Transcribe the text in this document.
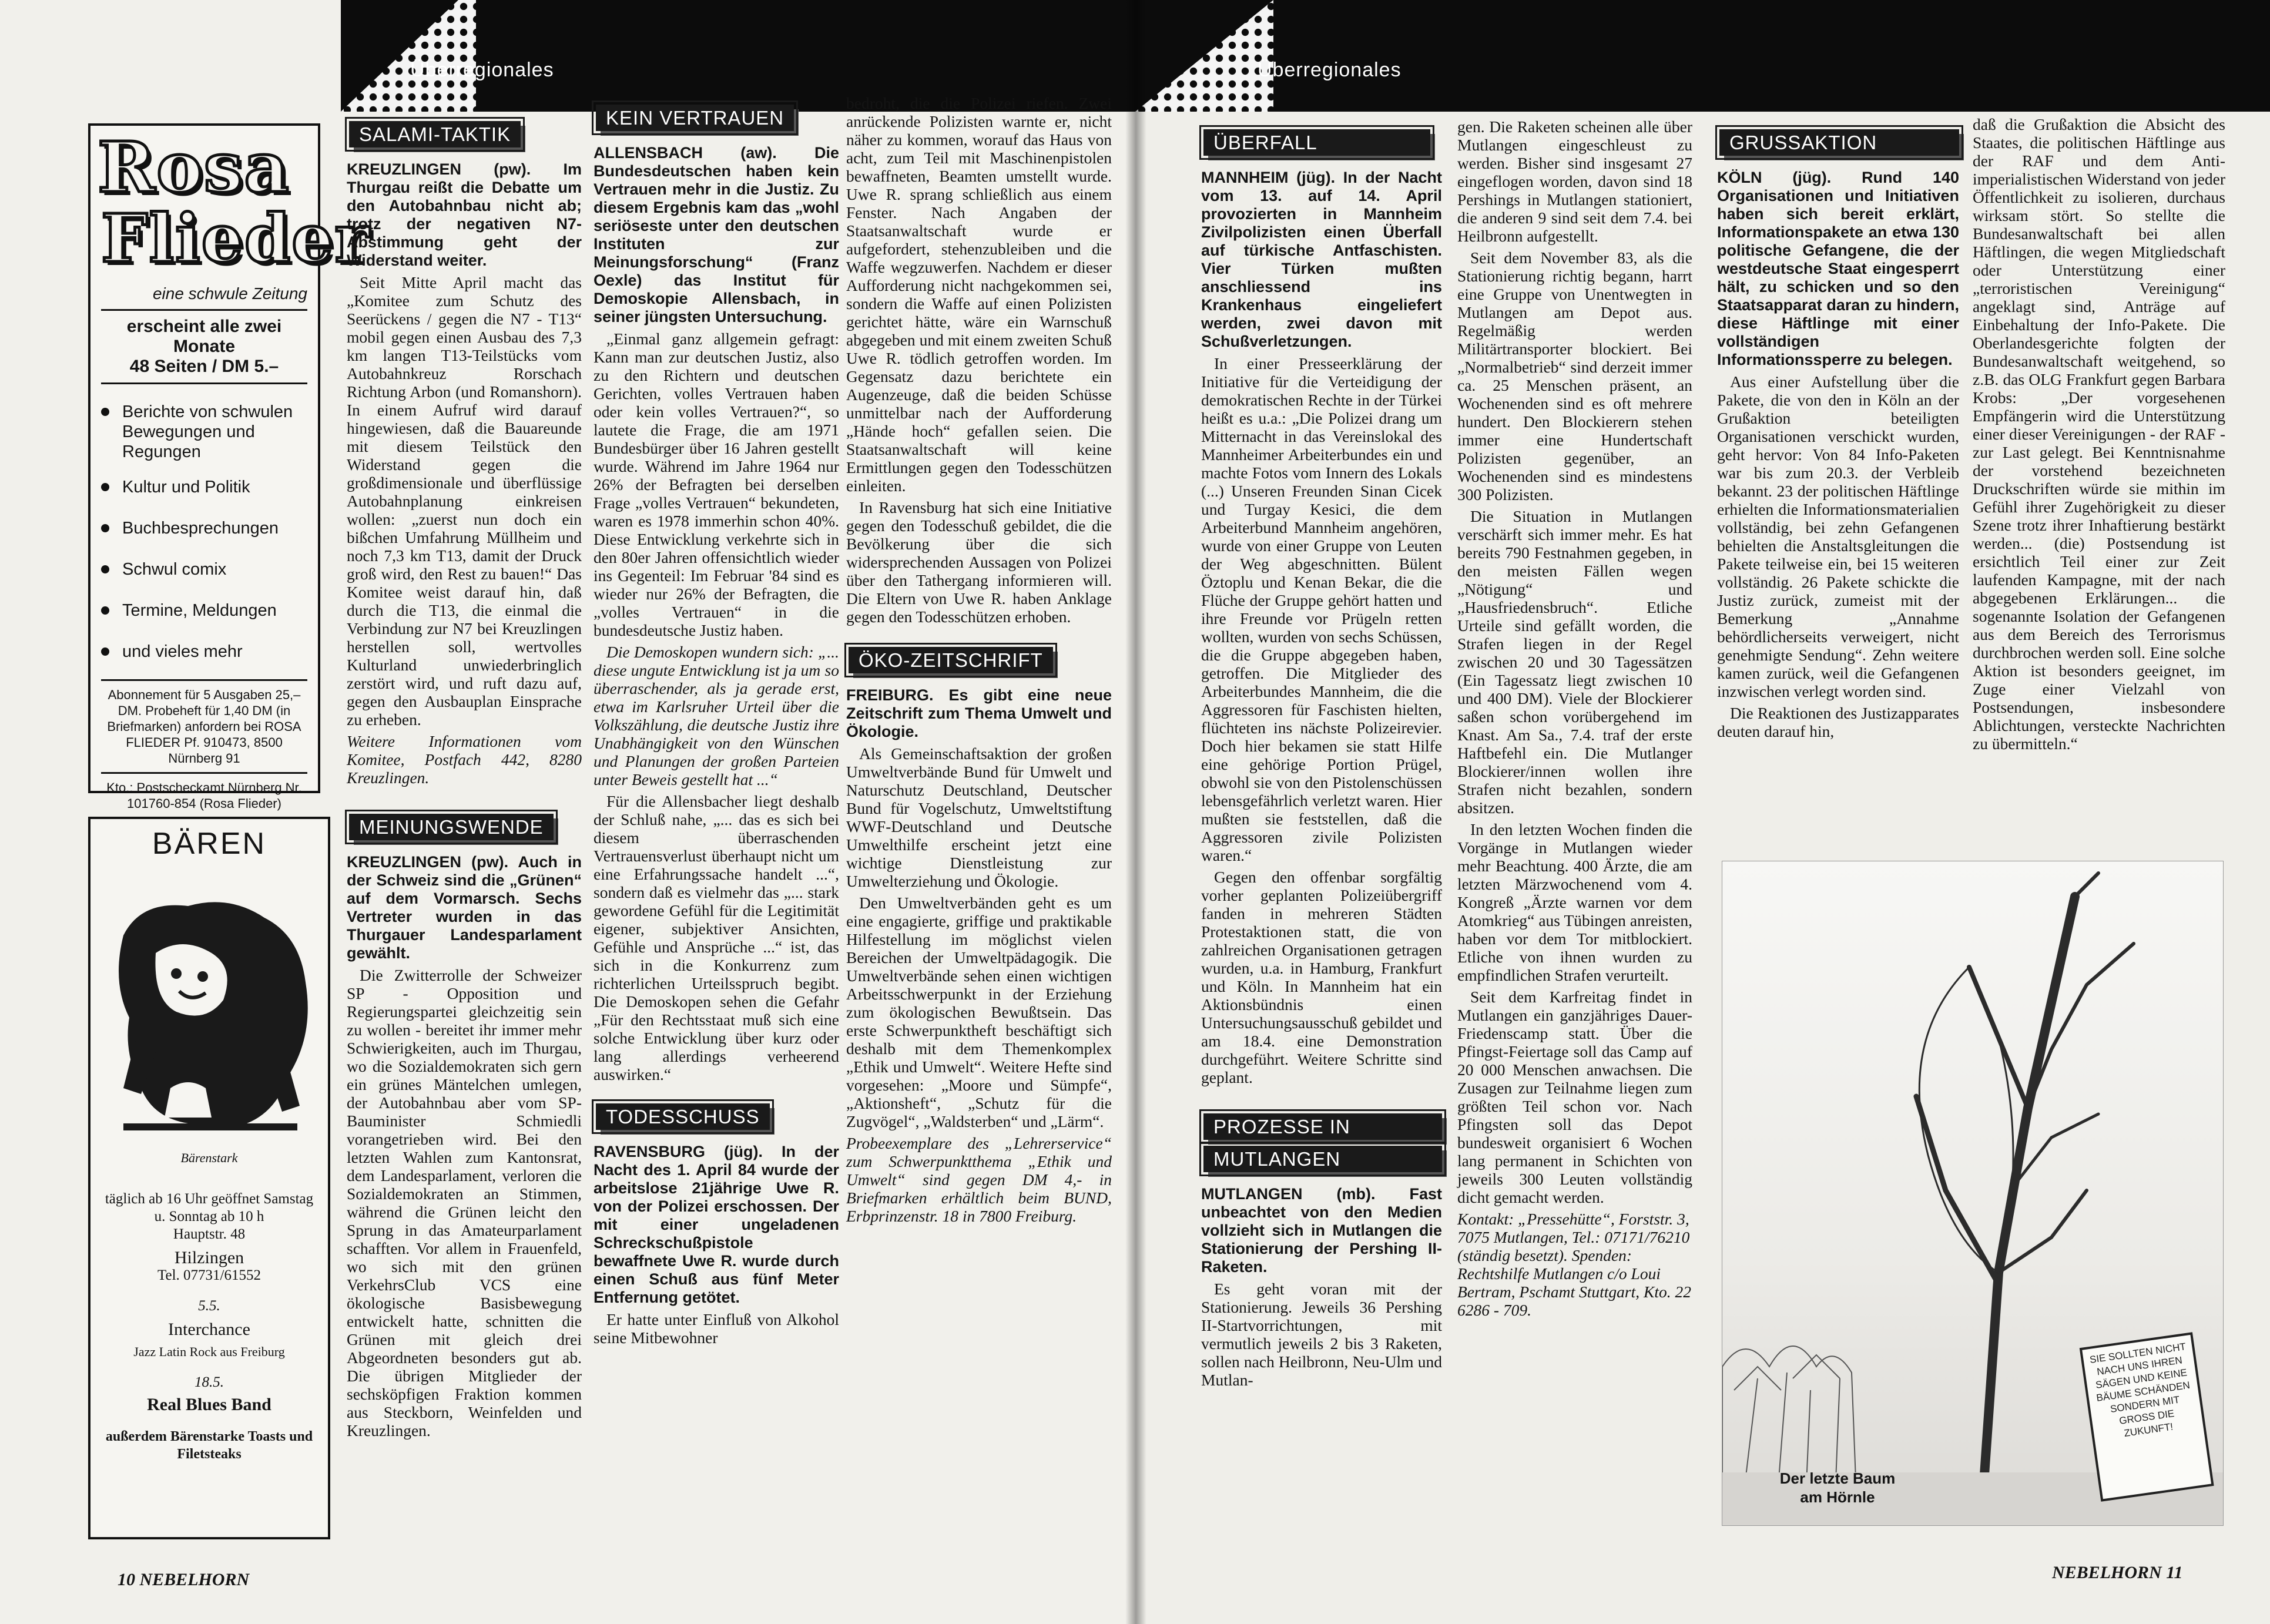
Überregionales
Rosa
Flieder
eine schwule Zeitung
erscheint alle zwei Monate
48 Seiten / DM 5.–
Berichte von schwulen Bewegungen und Regungen
Kultur und Politik
Buchbesprechungen
Schwul comix
Termine, Meldungen
und vieles mehr
Abonnement für 5 Ausgaben 25,– DM. Probeheft für 1,40 DM (in Briefmarken) anfordern bei ROSA FLIEDER Pf. 910473, 8500 Nürnberg 91
Kto.: Postscheckamt Nürnberg Nr. 101760-854 (Rosa Flieder)
BÄREN
Bärenstark
täglich ab 16 Uhr geöffnet Samstag u. Sonntag ab 10 h
Hauptstr. 48
Hilzingen
Tel. 07731/61552
5.5.
Interchance
Jazz Latin Rock aus Freiburg
18.5.
Real Blues Band
außerdem Bärenstarke Toasts und Filetsteaks
SALAMI-TAKTIK

KREUZLINGEN (pw). Im Thurgau reißt die Debatte um den Autobahnbau nicht ab; trotz der negativen N7-Abstimmung geht der Widerstand weiter.

Seit Mitte April macht das „Komitee zum Schutz des Seerückens / gegen die N7 - T13“ mobil gegen einen Ausbau des 7,3 km langen T13-Teilstücks vom Autobahnkreuz Rorschach Richtung Arbon (und Romanshorn). In einem Aufruf wird darauf hingewiesen, daß die Bauareunde mit diesem Teilstück den Widerstand gegen die großdimensionale und überflüssige Autobahnplanung einkreisen wollen: „zuerst nun doch ein bißchen Umfahrung Müllheim und noch 7,3 km T13, damit der Druck groß wird, den Rest zu bauen!“ Das Komitee weist darauf hin, daß durch die T13, die einmal die Verbindung zur N7 bei Kreuzlingen herstellen soll, wertvolles Kulturland unwiederbringlich zerstört wird, und ruft dazu auf, gegen den Ausbauplan Einsprache zu erheben.

Weitere Informationen vom Komitee, Postfach 442, 8280 Kreuzlingen.

MEINUNGSWENDE

KREUZLINGEN (pw). Auch in der Schweiz sind die „Grünen“ auf dem Vormarsch. Sechs Vertreter wurden in das Thurgauer Landesparlament gewählt.

Die Zwitterrolle der Schweizer SP - Opposition und Regierungspartei gleichzeitig sein zu wollen - bereitet ihr immer mehr Schwierigkeiten, auch im Thurgau, wo die Sozialdemokraten sich gern ein grünes Mäntelchen umlegen, der Autobahnbau aber vom SP-Bauminister Schmiedli vorangetrieben wird. Bei den letzten Wahlen zum Kantonsrat, dem Landesparlament, verloren die Sozialdemokraten an Stimmen, während die Grünen leicht den Sprung in das Amateurparlament schafften. Vor allem in Frauenfeld, wo sich mit den grünen VerkehrsClub VCS eine ökologische Basisbewegung entwickelt hatte, schnitten die Grünen mit gleich drei Abgeordneten besonders gut ab. Die übrigen Mitglieder der sechsköpfigen Fraktion kommen aus Steckborn, Weinfelden und Kreuzlingen.

KEIN VERTRAUEN

ALLENSBACH (aw). Die Bundesdeutschen haben kein Vertrauen mehr in die Justiz. Zu diesem Ergebnis kam das „wohl seriöseste unter den deutschen Instituten zur Meinungsforschung“ (Franz Oexle) das Institut für Demoskopie Allensbach, in seiner jüngsten Untersuchung.

„Einmal ganz allgemein gefragt: Kann man zur deutschen Justiz, also zu den Richtern und deutschen Gerichten, volles Vertrauen haben oder kein volles Vertrauen?“, so lautete die Frage, die am 1971 Bundesbürger über 16 Jahren gestellt wurde. Während im Jahre 1964 nur 26% der Befragten bei derselben Frage „volles Vertrauen“ bekundeten, waren es 1978 immerhin schon 40%. Diese Entwicklung verkehrte sich in den 80er Jahren offensichtlich wieder ins Gegenteil: Im Februar '84 sind es wieder nur 26% der Befragten, die „volles Vertrauen“ in die bundesdeutsche Justiz haben.

Die Demoskopen wundern sich: „... diese ungute Entwicklung ist ja um so überraschender, als ja gerade erst, etwa im Karlsruher Urteil über die Volkszählung, die deutsche Justiz ihre Unabhängigkeit von den Wünschen und Planungen der großen Parteien unter Beweis gestellt hat ...“

Für die Allensbacher liegt deshalb der Schluß nahe, „... das es sich bei diesem überraschenden Vertrauensverlust überhaupt nicht um eine Erfahrungssache handelt ...“, sondern daß es vielmehr das „... stark gewordene Gefühl für die Legitimität eigener, subjektiver Ansichten, Gefühle und Ansprüche ...“ ist, das sich in die Konkurrenz zum richterlichen Urteilsspruch begibt. Die Demoskopen sehen die Gefahr „Für den Rechtsstaat muß sich eine solche Entwicklung über kurz oder lang allerdings verheerend auswirken.“

TODESSCHUSS

RAVENSBURG (jüg). In der Nacht des 1. April 84 wurde der arbeitslose 21jährige Uwe R. von der Polizei erschossen. Der mit einer ungeladenen Schreckschußpistole bewaffnete Uwe R. wurde durch einen Schuß aus fünf Meter Entfernung getötet.

Er hatte unter Einfluß von Alkohol seine Mitbewohner

bedroht, die die Polizei riefen. Zwei anrückende Polizisten warnte er, nicht näher zu kommen, worauf das Haus von acht, zum Teil mit Maschinenpistolen bewaffneten, Beamten umstellt wurde. Uwe R. sprang schließlich aus einem Fenster. Nach Angaben der Staatsanwaltschaft wurde er aufgefordert, stehenzubleiben und die Waffe wegzuwerfen. Nachdem er dieser Aufforderung nicht nachgekommen sei, sondern die Waffe auf einen Polizisten gerichtet hätte, wäre ein Warnschuß abgegeben und mit einem zweiten Schuß Uwe R. tödlich getroffen worden. Im Gegensatz dazu berichtete ein Augenzeuge, daß die beiden Schüsse unmittelbar nach der Aufforderung „Hände hoch“ gefallen seien. Die Staatsanwaltschaft will keine Ermittlungen gegen den Todesschützen einleiten.

In Ravensburg hat sich eine Initiative gegen den Todesschuß gebildet, die die Bevölkerung über die sich widersprechenden Aussagen von Polizei über den Tathergang informieren will. Die Eltern von Uwe R. haben Anklage gegen den Todesschützen erhoben.

ÖKO-ZEITSCHRIFT

FREIBURG. Es gibt eine neue Zeitschrift zum Thema Umwelt und Ökologie.

Als Gemeinschaftsaktion der großen Umweltverbände Bund für Umwelt und Naturschutz Deutschland, Deutscher Bund für Vogelschutz, Umweltstiftung WWF-Deutschland und Deutsche Umwelthilfe erscheint jetzt eine wichtige Dienstleistung zur Umwelterziehung und Ökologie.

Den Umweltverbänden geht es um eine engagierte, griffige und praktikable Hilfestellung im möglichst vielen Bereichen der Umweltpädagogik. Die Umweltverbände sehen einen wichtigen Arbeitsschwerpunkt in der Erziehung zum ökologischen Bewußtsein. Das erste Schwerpunktheft beschäftigt sich deshalb mit dem Themenkomplex „Ethik und Umwelt“. Weitere Hefte sind vorgesehen: „Moore und Sümpfe“, „Aktionsheft“, „Schutz für die Zugvögel“, „Waldsterben“ und „Lärm“.

Probeexemplare des „Lehrerservice“ zum Schwerpunktthema „Ethik und Umwelt“ sind gegen DM 4,- in Briefmarken erhältlich beim BUND, Erbprinzenstr. 18 in 7800 Freiburg.

10 NEBELHORN
Überregionales
ÜBERFALL

MANNHEIM (jüg). In der Nacht vom 13. auf 14. April provozierten in Mannheim Zivilpolizisten einen Überfall auf türkische Antfaschisten. Vier Türken mußten anschliessend ins Krankenhaus eingeliefert werden, zwei davon mit Schußverletzungen.

In einer Presseerklärung der Initiative für die Verteidigung der demokratischen Rechte in der Türkei heißt es u.a.: „Die Polizei drang um Mitternacht in das Vereinslokal des Mannheimer Arbeiterbundes ein und machte Fotos vom Innern des Lokals (...) Unseren Freunden Sinan Cicek und Turgay Kesici, die dem Arbeiterbund Mannheim angehören, wurde von einer Gruppe von Leuten der Weg abgeschnitten. Bülent Öztoplu und Kenan Bekar, die die Flüche der Gruppe gehört hatten und ihre Freunde vor Prügeln retten wollten, wurden von sechs Schüssen, die die Gruppe abgegeben haben, getroffen. Die Mitglieder des Arbeiterbundes Mannheim, die die Aggressoren für Faschisten hielten, flüchteten ins nächste Polizeirevier. Doch hier bekamen sie statt Hilfe eine gehörige Portion Prügel, obwohl sie von den Pistolenschüssen lebensgefährlich verletzt waren. Hier mußten sie feststellen, daß die Aggressoren zivile Polizisten waren.“

Gegen den offenbar sorgfältig vorher geplanten Polizeiübergriff fanden in mehreren Städten Protestaktionen statt, die von zahlreichen Organisationen getragen wurden, u.a. in Hamburg, Frankfurt und Köln. In Mannheim hat ein Aktionsbündnis einen Untersuchungsausschuß gebildet und am 18.4. eine Demonstration durchgeführt. Weitere Schritte sind geplant.

PROZESSE IN
MUTLANGEN

MUTLANGEN (mb). Fast unbeachtet von den Medien vollzieht sich in Mutlangen die Stationierung der Pershing II-Raketen.

Es geht voran mit der Stationierung. Jeweils 36 Pershing II-Startvorrichtungen, mit vermutlich jeweils 2 bis 3 Raketen, sollen nach Heilbronn, Neu-Ulm und Mutlan-

gen. Die Raketen scheinen alle über Mutlangen eingeschleust zu werden. Bisher sind insgesamt 27 eingeflogen worden, davon sind 18 Pershings in Mutlangen stationiert, die anderen 9 sind seit dem 7.4. bei Heilbronn aufgestellt.

Seit dem November 83, als die Stationierung richtig begann, harrt eine Gruppe von Unentwegten in Mutlangen am Depot aus. Regelmäßig werden Militärtransporter blockiert. Bei „Normalbetrieb“ sind derzeit immer ca. 25 Menschen präsent, an Wochenenden sind es oft mehrere hundert. Den Blockierern stehen immer eine Hundertschaft Polizisten gegenüber, an Wochenenden sind es mindestens 300 Polizisten.

Die Situation in Mutlangen verschärft sich immer mehr. Es hat bereits 790 Festnahmen gegeben, in den meisten Fällen wegen „Nötigung“ und „Hausfriedensbruch“. Etliche Urteile sind gefällt worden, die Strafen liegen in der Regel zwischen 20 und 30 Tagessätzen (Ein Tagessatz liegt zwischen 10 und 400 DM). Viele der Blockierer saßen schon vorübergehend im Knast. Am Sa., 7.4. traf der erste Haftbefehl ein. Die Mutlanger Blockierer/innen wollen ihre Strafen nicht bezahlen, sondern absitzen.

In den letzten Wochen finden die Vorgänge in Mutlangen wieder mehr Beachtung. 400 Ärzte, die am letzten Märzwochenend vom 4. Kongreß „Ärzte warnen vor dem Atomkrieg“ aus Tübingen anreisten, haben vor dem Tor mitblockiert. Etliche von ihnen wurden zu empfindlichen Strafen verurteilt.

Seit dem Karfreitag findet in Mutlangen ein ganzjähriges Dauer-Friedenscamp statt. Über die Pfingst-Feiertage soll das Camp auf 20 000 Menschen anwachsen. Die Zusagen zur Teilnahme liegen zum größten Teil schon vor. Nach Pfingsten soll das Depot bundesweit organisiert 6 Wochen lang permanent in Schichten von jeweils 300 Leuten vollständig dicht gemacht werden.

Kontakt: „Pressehütte“, Forststr. 3, 7075 Mutlangen, Tel.: 07171/76210 (ständig besetzt). Spenden: Rechtshilfe Mutlangen c/o Loui Bertram, Pschamt Stuttgart, Kto. 22 6286 - 709.

GRUSSAKTION

KÖLN (jüg). Rund 140 Organisationen und Initiativen haben sich bereit erklärt, Informationspakete an etwa 130 politische Gefangene, die der westdeutsche Staat eingesperrt hält, zu schicken und so den Staatsapparat daran zu hindern, diese Häftlinge mit einer vollständigen Informationssperre zu belegen.

Aus einer Aufstellung über die Pakete, die von den in Köln an der Grußaktion beteiligten Organisationen verschickt wurden, geht hervor: Von 84 Info-Paketen war bis zum 20.3. der Verbleib bekannt. 23 der politischen Häftlinge erhielten die Informationsmaterialien vollständig, bei zehn Gefangenen behielten die Anstaltsgleitungen die Pakete teilweise ein, bei 15 weiteren vollständig. 26 Pakete schickte die Justiz zurück, zumeist mit der Bemerkung „Annahme behördlicherseits verweigert, nicht genehmigte Sendung“. Zehn weitere kamen zurück, weil die Gefangenen inzwischen verlegt worden sind.

Die Reaktionen des Justizapparates deuten darauf hin,

daß die Grußaktion die Absicht des Staates, die politischen Häftlinge aus der RAF und dem Anti-imperialistischen Widerstand von jeder Öffentlichkeit zu isolieren, durchaus wirksam stört. So stellte die Bundesanwaltschaft bei allen Häftlingen, die wegen Mitgliedschaft oder Unterstützung einer „terroristischen Vereinigung“ angeklagt sind, Anträge auf Einbehaltung der Info-Pakete. Die Oberlandesgerichte folgten der Bundesanwaltschaft weitgehend, so z.B. das OLG Frankfurt gegen Barbara Krobs: „Der vorgesehenen Empfängerin wird die Unterstützung einer dieser Vereinigungen - der RAF - zur Last gelegt. Bei Kenntnisnahme der vorstehend bezeichneten Druckschriften würde sie mithin im Gefühl ihrer Zugehörigkeit zu dieser Szene trotz ihrer Inhaftierung bestärkt werden... (die) Postsendung ist ersichtlich Teil einer zur Zeit laufenden Kampagne, mit der nach abgegebenen Erklärungen... die sogenannte Isolation der Gefangenen aus dem Bereich des Terrorismus durchbrochen werden soll. Eine solche Aktion ist besonders geeignet, im Zuge einer Vielzahl von Postsendungen, insbesondere Ablichtungen, versteckte Nachrichten zu übermitteln.“

SIE SOLLTEN NICHT NACH UNS IHREN SÄGEN UND KEINE BÄUME SCHÄNDEN SONDERN MIT GROSS DIE ZUKUNFT!
Der letzte Baum
am Hörnle
NEBELHORN 11
